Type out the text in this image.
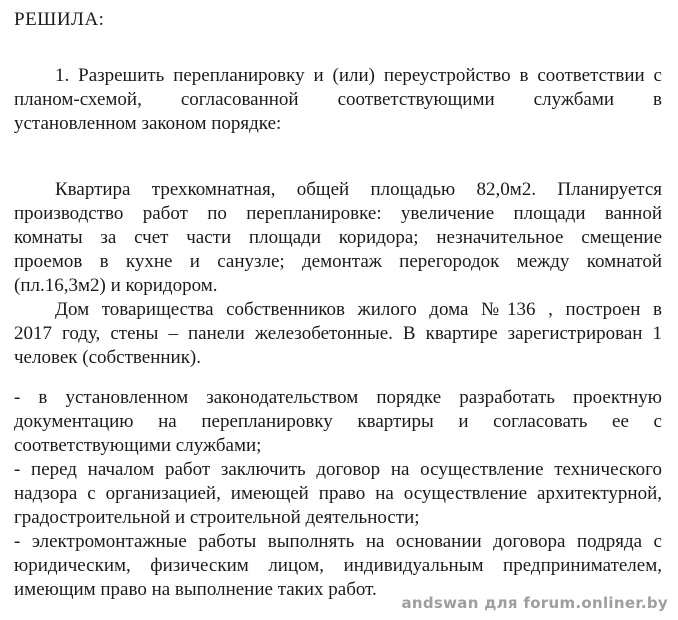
РЕШИЛА:
1. Разрешить перепланировку и (или) переустройство в соответствии с
планом-схемой, согласованной соответствующими службами в
установленном законом порядке:
Квартира трехкомнатная, общей площадью 82,0м2. Планируется
производство работ по перепланировке: увеличение площади ванной
комнаты за счет части площади коридора; незначительное смещение
проемов в кухне и санузле; демонтаж перегородок между комнатой
(пл.16,3м2) и коридором.
Дом товарищества собственников жилого дома №136 , построен в
2017 году, стены – панели железобетонные. В квартире зарегистрирован 1
человек (собственник).
- в установленном законодательством порядке разработать проектную
документацию на перепланировку квартиры и согласовать ее с
соответствующими службами;
- перед началом работ заключить договор на осуществление технического
надзора с организацией, имеющей право на осуществление архитектурной,
градостроительной и строительной деятельности;
- электромонтажные работы выполнять на основании договора подряда с
юридическим, физическим лицом, индивидуальным предпринимателем,
имеющим право на выполнение таких работ.
andswan для forum.onliner.by
